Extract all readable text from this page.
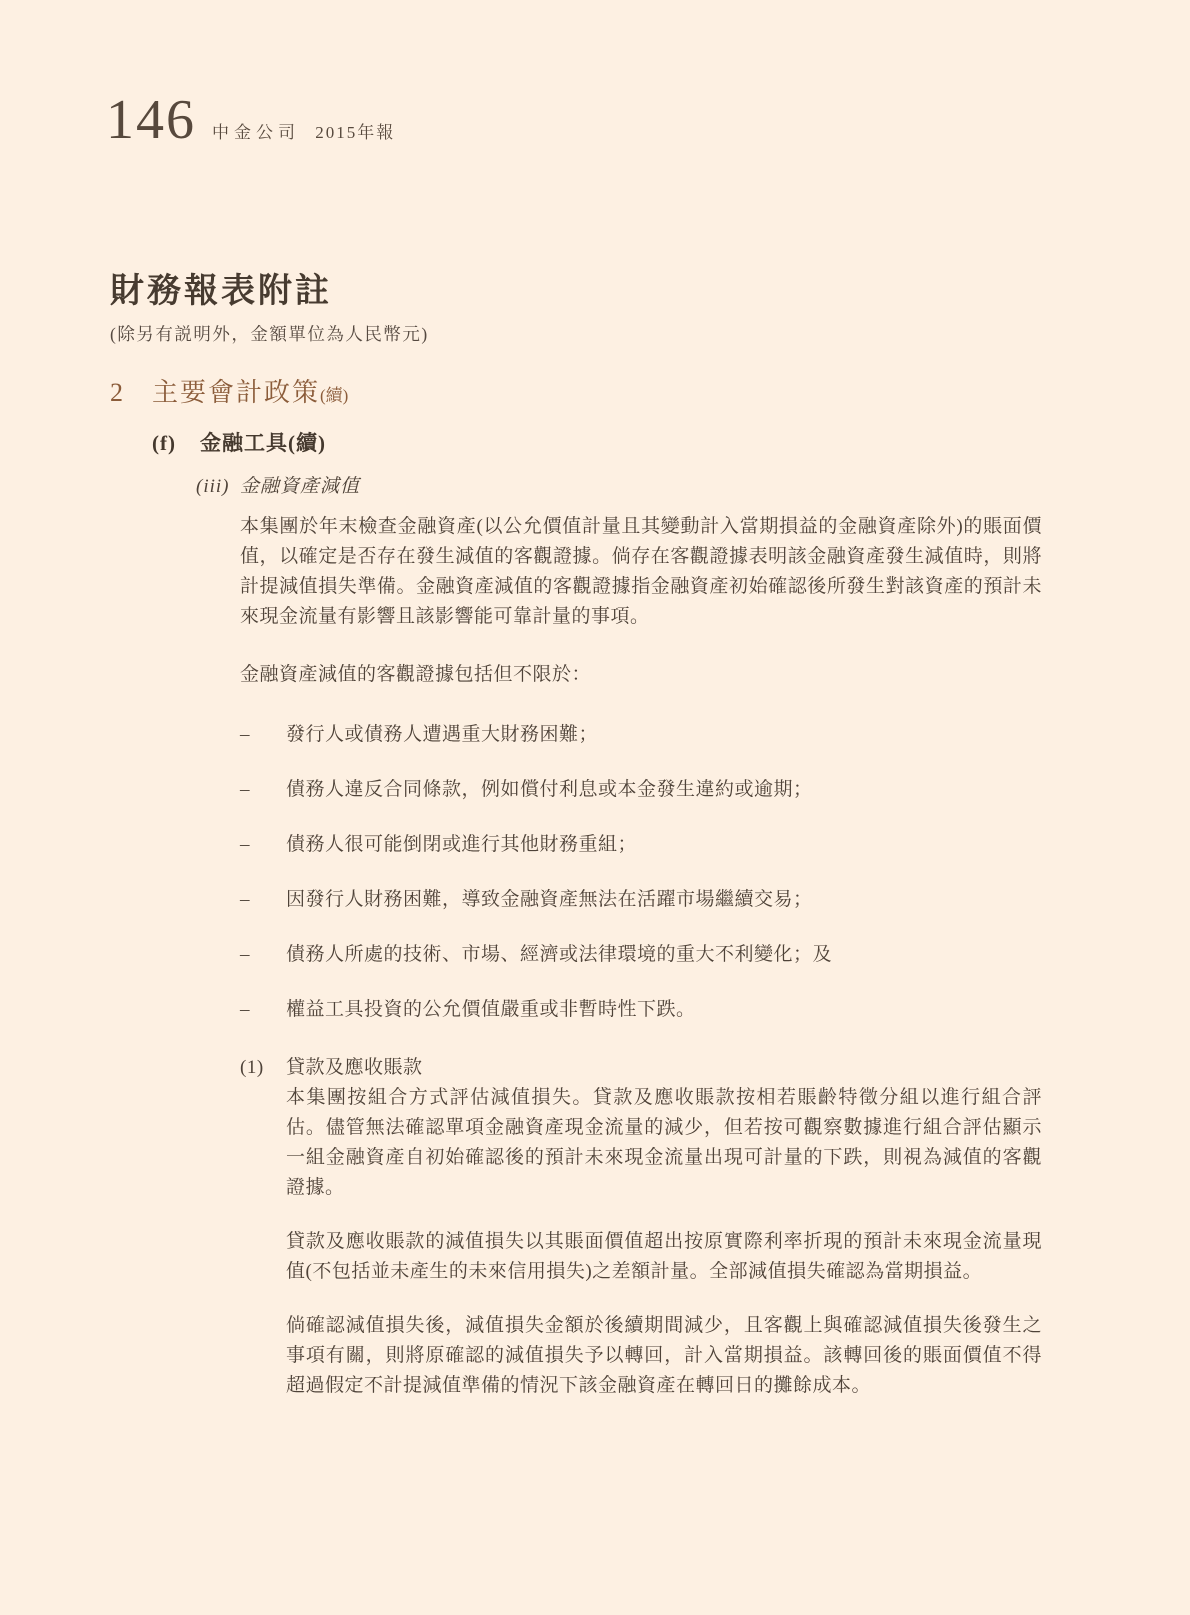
146 中金公司 2015年報
財務報表附註
(除另有説明外，金額單位為人民幣元)
2	主要會計政策 (續)
(f)	金融工具(續)
(iii) 金融資產減值

本集團於年末檢查金融資產(以公允價值計量且其變動計入當期損益的金融資產除外)的賬面價值，以確定是否存在發生減值的客觀證據。倘存在客觀證據表明該金融資產發生減值時，則將計提減值損失準備。金融資產減值的客觀證據指金融資產初始確認後所發生對該資產的預計未來現金流量有影響且該影響能可靠計量的事項。

金融資產減值的客觀證據包括但不限於：
–	發行人或債務人遭遇重大財務困難；
–	債務人違反合同條款，例如償付利息或本金發生違約或逾期；
–	債務人很可能倒閉或進行其他財務重組；
–	因發行人財務困難，導致金融資產無法在活躍市場繼續交易；
–	債務人所處的技術、市場、經濟或法律環境的重大不利變化；及
–	權益工具投資的公允價值嚴重或非暫時性下跌。
(1)	貸款及應收賬款

本集團按組合方式評估減值損失。貸款及應收賬款按相若賬齡特徵分組以進行組合評估。儘管無法確認單項金融資產現金流量的減少，但若按可觀察數據進行組合評估顯示一組金融資產自初始確認後的預計未來現金流量出現可計量的下跌，則視為減值的客觀證據。

貸款及應收賬款的減值損失以其賬面價值超出按原實際利率折現的預計未來現金流量現值(不包括並未產生的未來信用損失)之差額計量。全部減值損失確認為當期損益。

倘確認減值損失後，減值損失金額於後續期間減少，且客觀上與確認減值損失後發生之事項有關，則將原確認的減值損失予以轉回，計入當期損益。該轉回後的賬面價值不得超過假定不計提減值準備的情況下該金融資產在轉回日的攤餘成本。
